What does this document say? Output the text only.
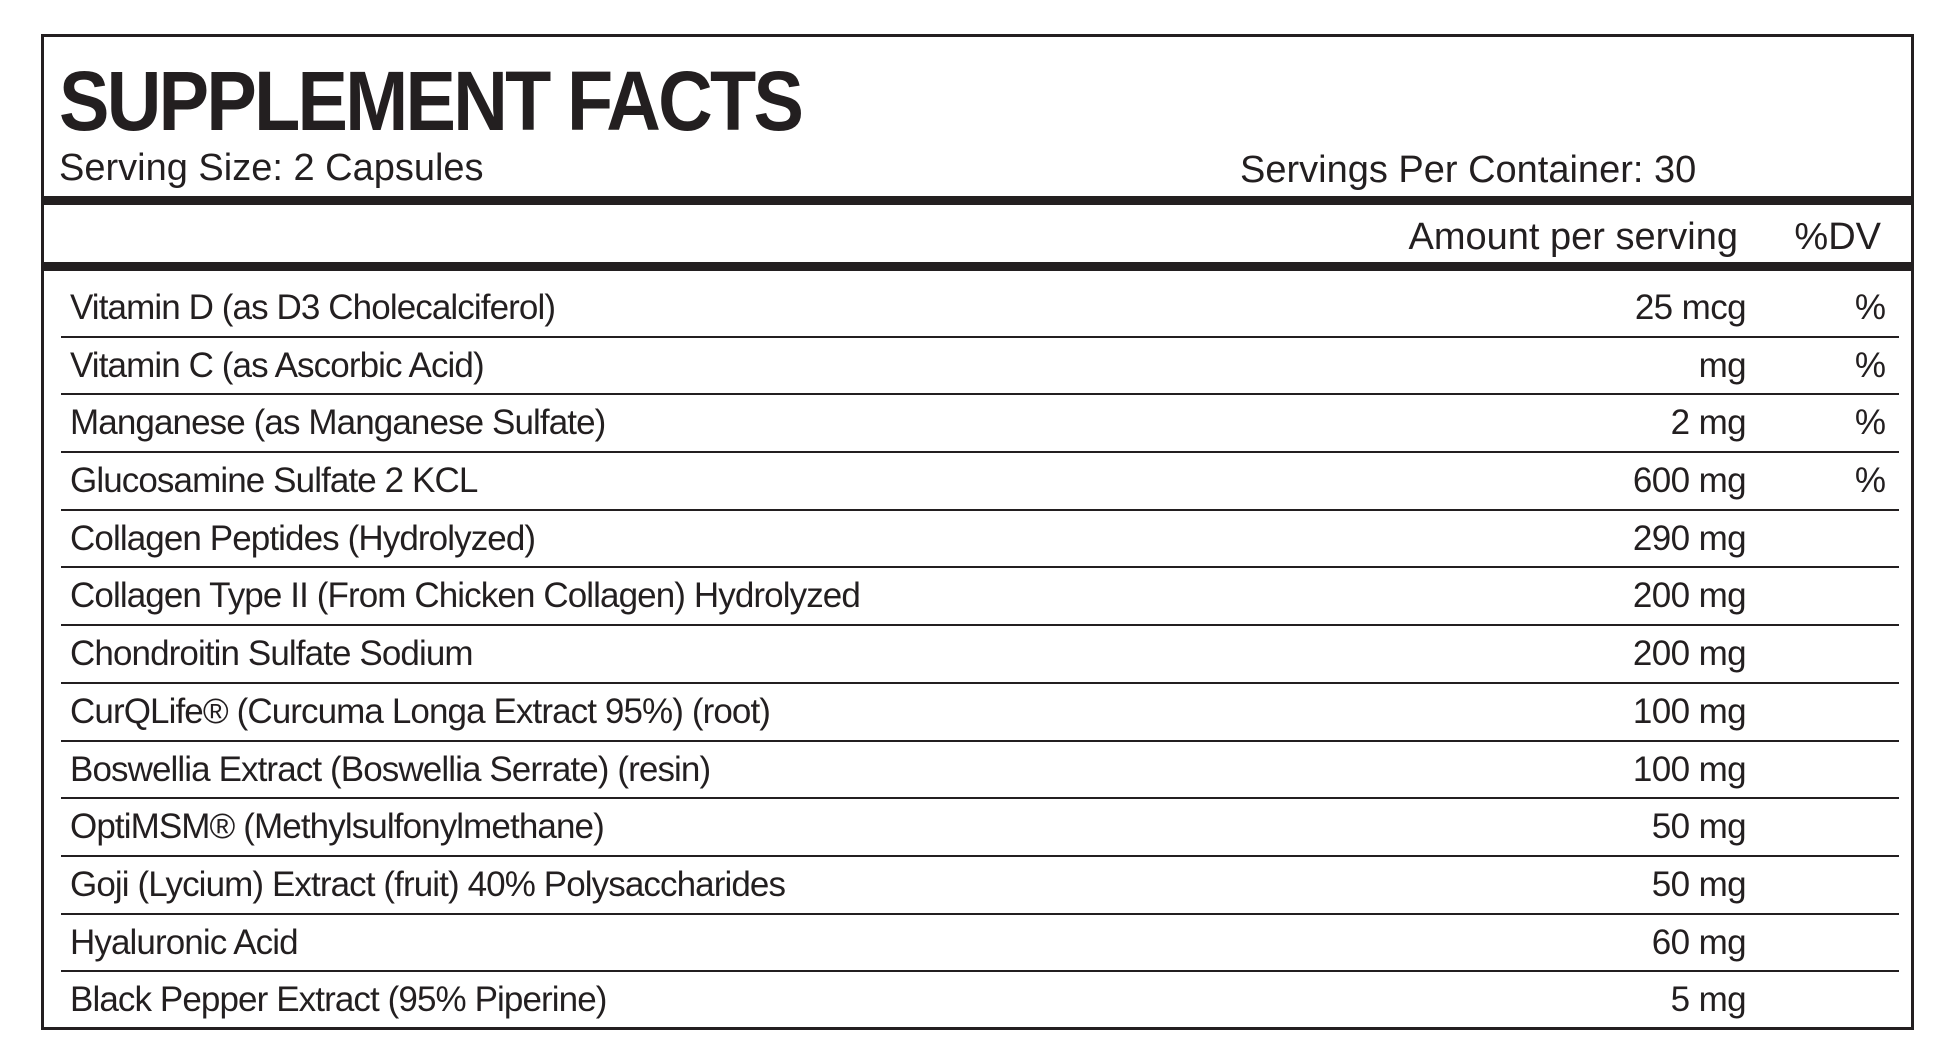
SUPPLEMENT FACTS
Serving Size: 2 Capsules	Servings Per Container: 30
Amount per serving %DV
Vitamin D (as D3 Cholecalciferol)	25 mcg	%
Vitamin C (as Ascorbic Acid)	mg	%
Manganese (as Manganese Sulfate)	2 mg	%
Glucosamine Sulfate 2 KCL	600 mg	%
Collagen Peptides (Hydrolyzed)	290 mg
Collagen Type II (From Chicken Collagen) Hydrolyzed	200 mg
Chondroitin Sulfate Sodium	200 mg
CurQLife® (Curcuma Longa Extract 95%) (root)	100 mg
Boswellia Extract (Boswellia Serrate) (resin)	100 mg
OptiMSM® (Methylsulfonylmethane)	50 mg
Goji (Lycium) Extract (fruit) 40% Polysaccharides	50 mg
Hyaluronic Acid	60 mg
Black Pepper Extract (95% Piperine)	5 mg
